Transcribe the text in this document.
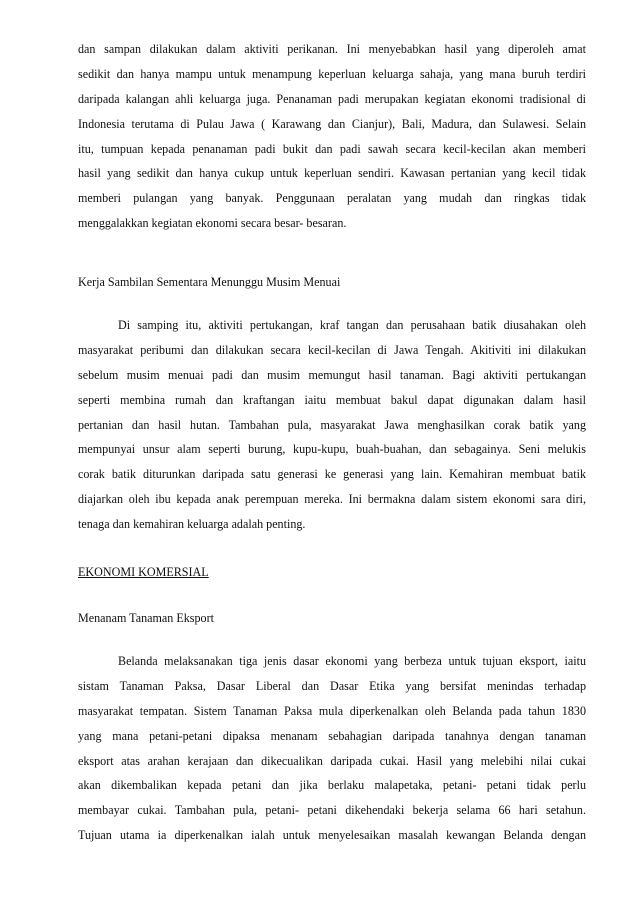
dan sampan dilakukan dalam aktiviti perikanan. Ini menyebabkan hasil yang diperoleh amat
sedikit dan hanya mampu untuk menampung keperluan keluarga sahaja, yang mana buruh terdiri
daripada kalangan ahli keluarga juga. Penanaman padi merupakan kegiatan ekonomi tradisional di
Indonesia terutama di Pulau Jawa ( Karawang dan Cianjur), Bali, Madura, dan Sulawesi. Selain
itu, tumpuan kepada penanaman padi bukit dan padi sawah secara kecil-kecilan akan memberi
hasil yang sedikit dan hanya cukup untuk keperluan sendiri. Kawasan pertanian yang kecil tidak
memberi pulangan yang banyak. Penggunaan peralatan yang mudah dan ringkas tidak
menggalakkan kegiatan ekonomi secara besar- besaran.

Kerja Sambilan Sementara Menunggu Musim Menuai

Di samping itu, aktiviti pertukangan, kraf tangan dan perusahaan batik diusahakan oleh
masyarakat peribumi dan dilakukan secara kecil-kecilan di Jawa Tengah. Akitiviti ini dilakukan
sebelum musim menuai padi dan musim memungut hasil tanaman. Bagi aktiviti pertukangan
seperti membina rumah dan kraftangan iaitu membuat bakul dapat digunakan dalam hasil
pertanian dan hasil hutan. Tambahan pula, masyarakat Jawa menghasilkan corak batik yang
mempunyai unsur alam seperti burung, kupu-kupu, buah-buahan, dan sebagainya. Seni melukis
corak batik diturunkan daripada satu generasi ke generasi yang lain. Kemahiran membuat batik
diajarkan oleh ibu kepada anak perempuan mereka. Ini bermakna dalam sistem ekonomi sara diri,
tenaga dan kemahiran keluarga adalah penting.

EKONOMI KOMERSIAL

Menanam Tanaman Eksport

Belanda melaksanakan tiga jenis dasar ekonomi yang berbeza untuk tujuan eksport, iaitu
sistam Tanaman Paksa, Dasar Liberal dan Dasar Etika yang bersifat menindas terhadap
masyarakat tempatan. Sistem Tanaman Paksa mula diperkenalkan oleh Belanda pada tahun 1830
yang mana petani-petani dipaksa menanam sebahagian daripada tanahnya dengan tanaman
eksport atas arahan kerajaan dan dikecualikan daripada cukai. Hasil yang melebihi nilai cukai
akan dikembalikan kepada petani dan jika berlaku malapetaka, petani- petani tidak perlu
membayar cukai. Tambahan pula, petani- petani dikehendaki bekerja selama 66 hari setahun.
Tujuan utama ia diperkenalkan ialah untuk menyelesaikan masalah kewangan Belanda dengan
